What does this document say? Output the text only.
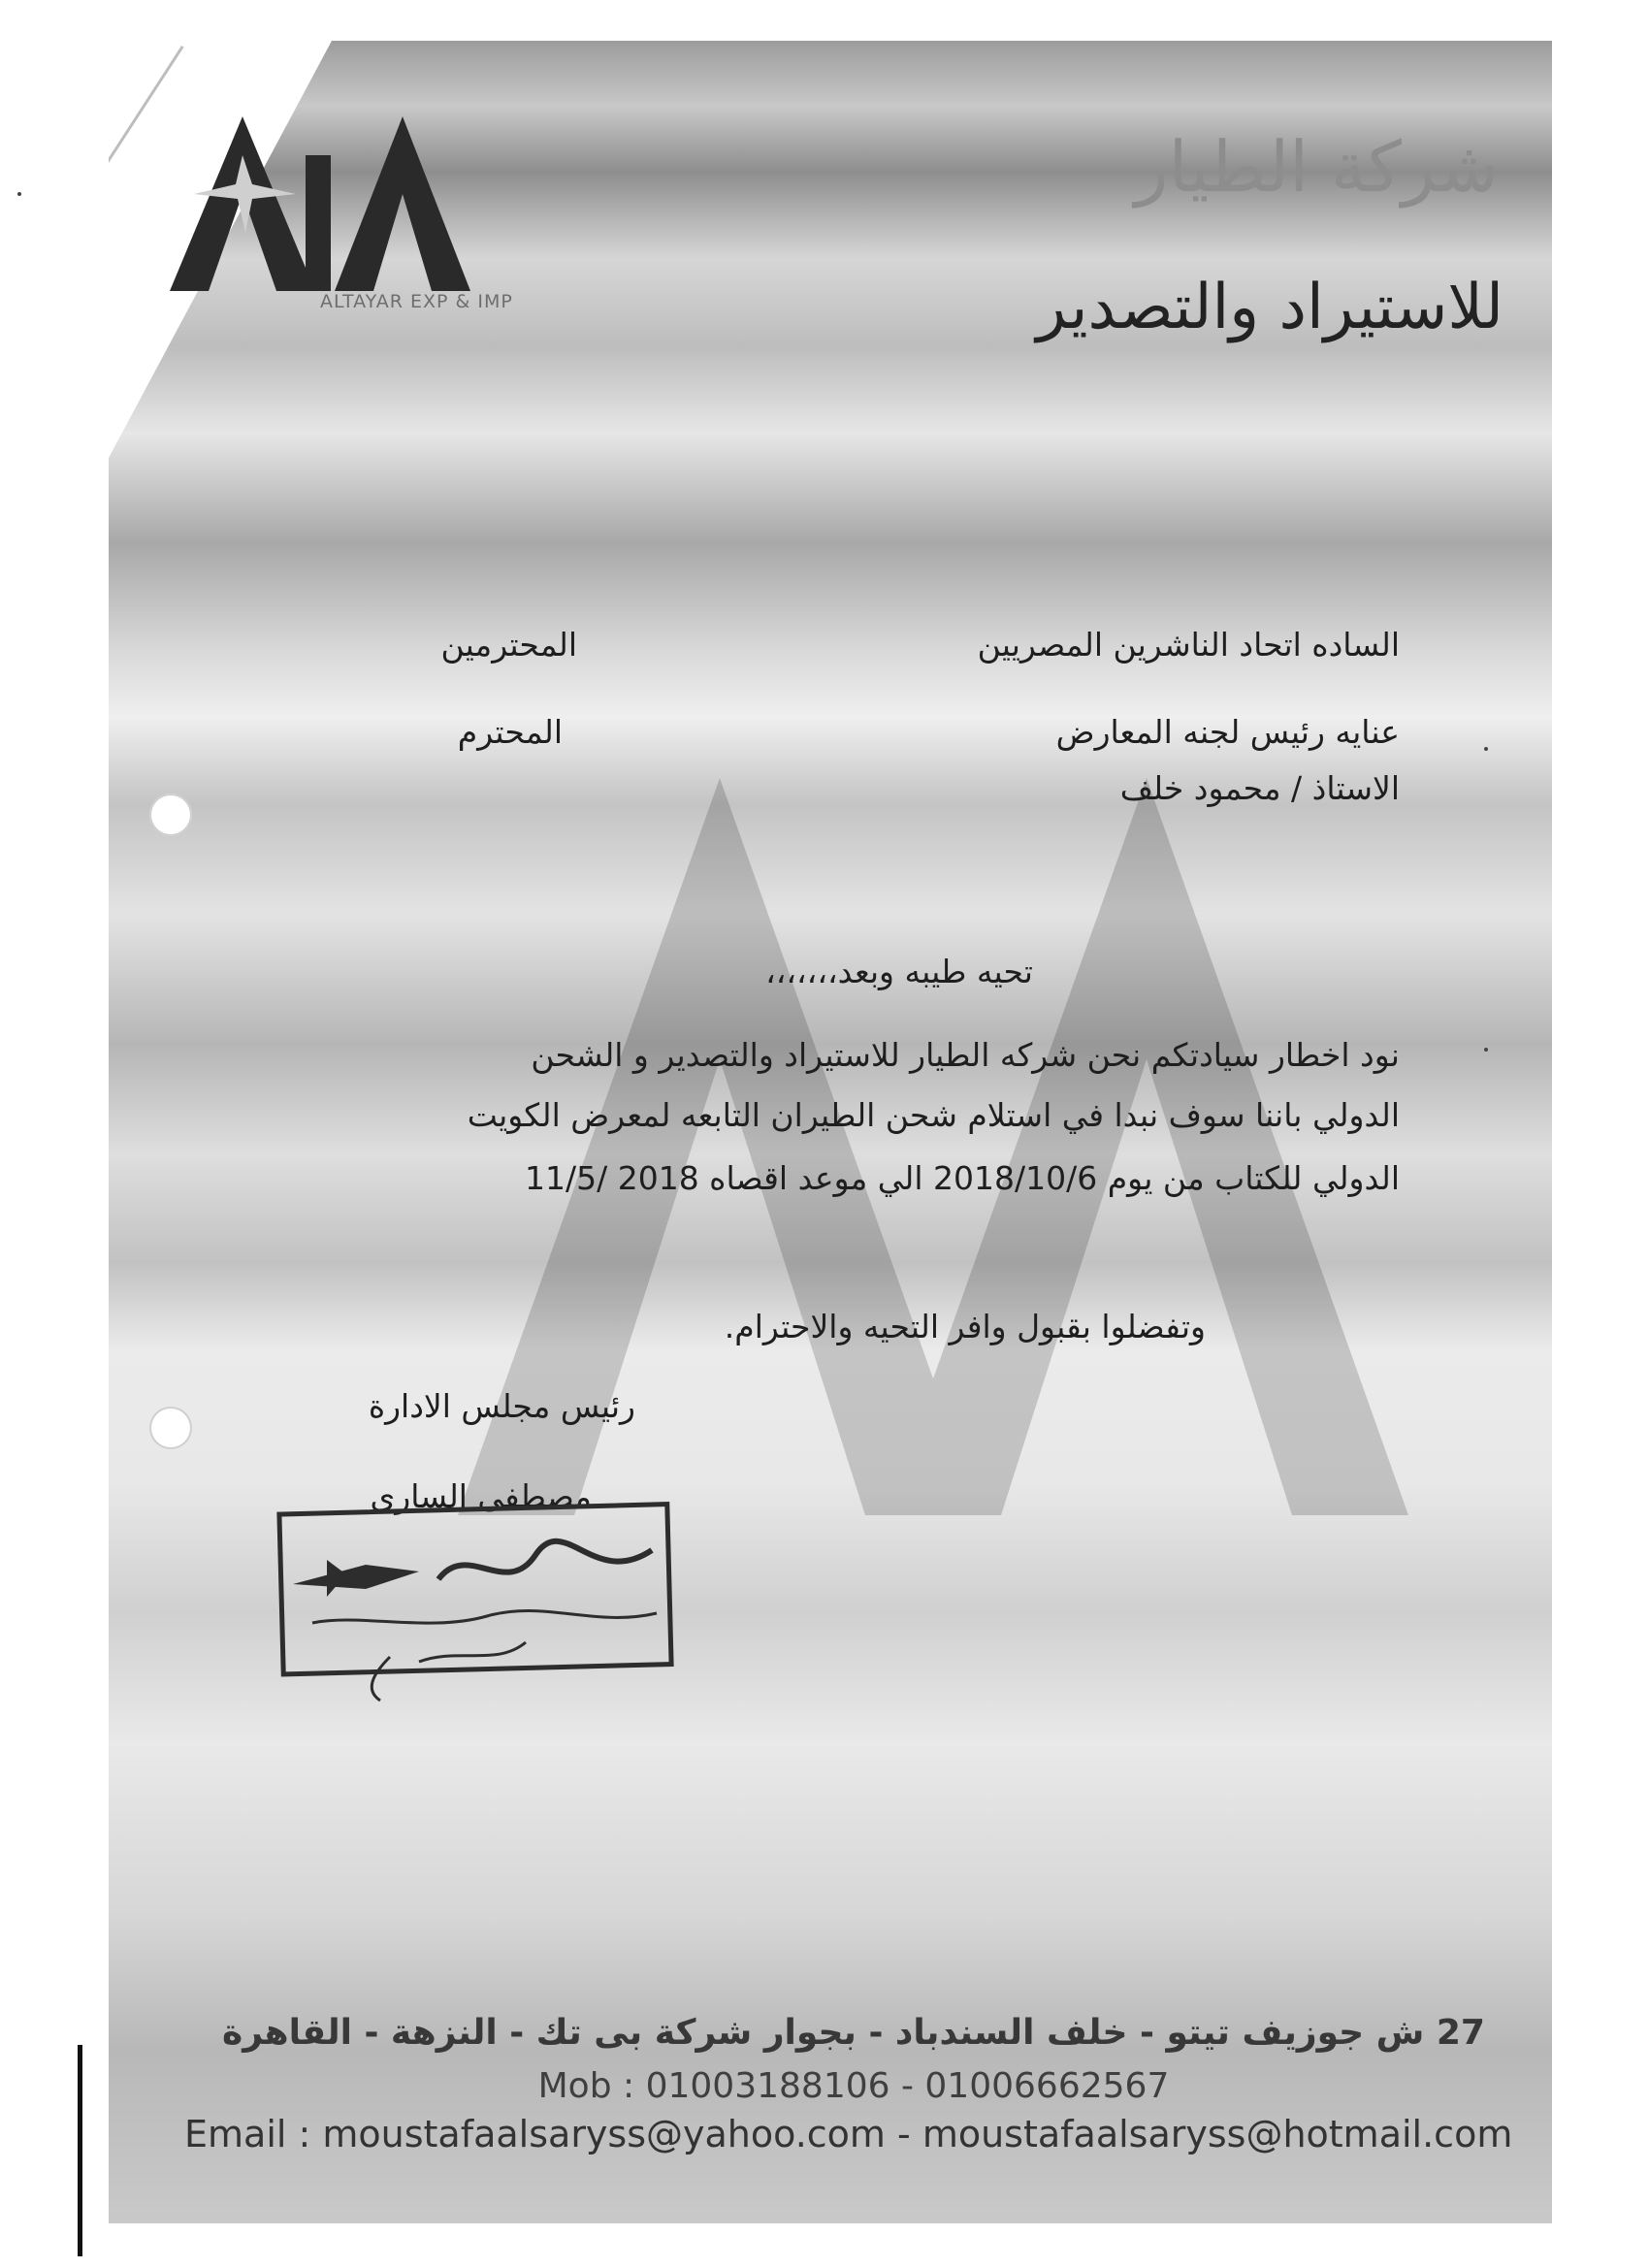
ALTAYAR EXP & IMP
شركة الطيار
للاستيراد والتصدير
الساده اتحاد الناشرين المصريين
المحترمين
عنايه رئيس لجنه المعارض
المحترم
الاستاذ / محمود خلف
تحيه طيبه وبعد،،،،،،،
نود اخطار سيادتكم نحن شركه الطيار للاستيراد والتصدير و الشحن
الدولي باننا سوف نبدا في استلام شحن الطيران التابعه لمعرض الكويت
الدولي للكتاب من يوم 2018/10/6 الي موعد اقصاه 2018 /11/5
وتفضلوا بقبول وافر التحيه والاحترام.
رئيس مجلس الادارة
مصطفى السارى
27 ش جوزيف تيتو - خلف السندباد - بجوار شركة بى تك - النزهة - القاهرة
Mob : 01003188106 - 01006662567
Email : moustafaalsaryss@yahoo.com - moustafaalsaryss@hotmail.com
